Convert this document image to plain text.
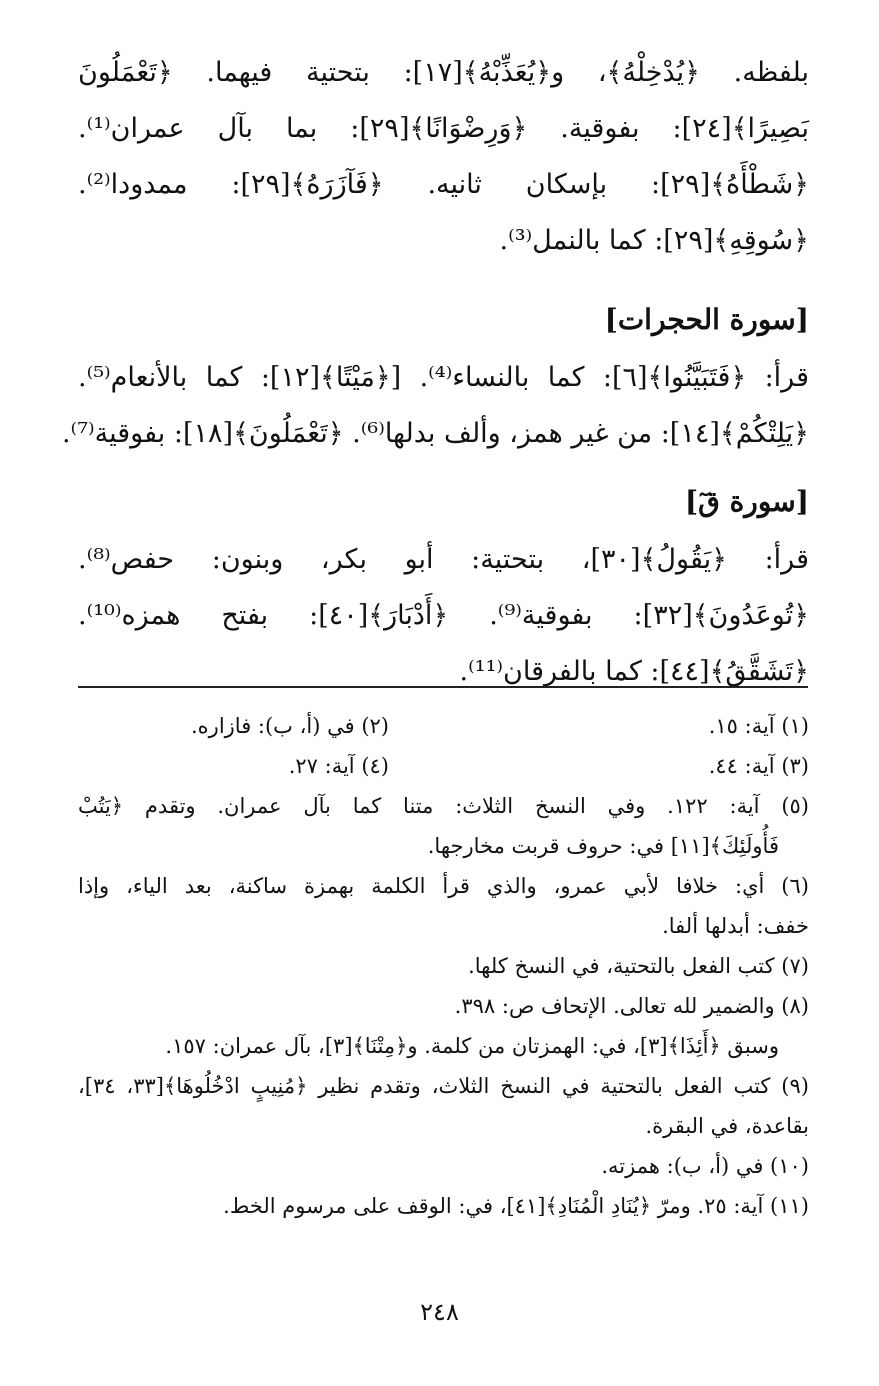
بلفظه. ﴿يُدْخِلْهُ﴾، و﴿يُعَذِّبْهُ﴾[١٧]: بتحتية فيهما. ﴿تَعْمَلُونَ
بَصِيرًا﴾[٢٤]: بفوقية. ﴿وَرِضْوَانًا﴾[٢٩]: بما بآل عمران⁽¹⁾.
﴿شَطْأَهُ﴾[٢٩]: بإسكان ثانيه. ﴿فَآزَرَهُ﴾[٢٩]: ممدودا⁽²⁾.
﴿سُوقِهِ﴾[٢٩]: كما بالنمل⁽³⁾.
[سورة الحجرات]
قرأ: ﴿فَتَبَيَّنُوا﴾[٦]: كما بالنساء⁽⁴⁾. [﴿مَيْتًا﴾[١٢]: كما بالأنعام⁽⁵⁾.
﴿يَلِتْكُمْ﴾[١٤]: من غير همز، وألف بدلها⁽⁶⁾. ﴿تَعْمَلُونَ﴾[١٨]: بفوقية⁽⁷⁾.
[سورة قٓ]
قرأ: ﴿يَقُولُ﴾[٣٠]، بتحتية: أبو بكر، وبنون: حفص⁽⁸⁾.
﴿تُوعَدُونَ﴾[٣٢]: بفوقية⁽⁹⁾. ﴿أَدْبَارَ﴾[٤٠]: بفتح همزه⁽¹⁰⁾.
﴿تَشَقَّقُ﴾[٤٤]: كما بالفرقان⁽¹¹⁾.
(١) آية: ١٥.
(٢) في (أ، ب): فازاره.
(٣) آية: ٤٤.
(٤) آية: ٢٧.
(٥) آية: ١٢٢. وفي النسخ الثلاث: متنا كما بآل عمران. وتقدم ﴿يَتُبْ
فَأُولَئِكَ﴾[١١] في: حروف قربت مخارجها.
(٦) أي: خلافا لأبي عمرو، والذي قرأ الكلمة بهمزة ساكنة، بعد الياء، وإذا
خفف: أبدلها ألفا.
(٧) كتب الفعل بالتحتية، في النسخ كلها.
(٨) والضمير لله تعالى. الإتحاف ص: ٣٩٨.
وسبق ﴿أَئِذَا﴾[٣]، في: الهمزتان من كلمة. و﴿مِتْنَا﴾[٣]، بآل عمران: ١٥٧.
(٩) كتب الفعل بالتحتية في النسخ الثلاث، وتقدم نظير ﴿مُنِيبٍ ادْخُلُوهَا﴾[٣٣، ٣٤]،
بقاعدة، في البقرة.
(١٠) في (أ، ب): همزته.
(١١) آية: ٢٥. ومرّ ﴿يُنَادِ الْمُنَادِ﴾[٤١]، في: الوقف على مرسوم الخط.
٢٤٨
